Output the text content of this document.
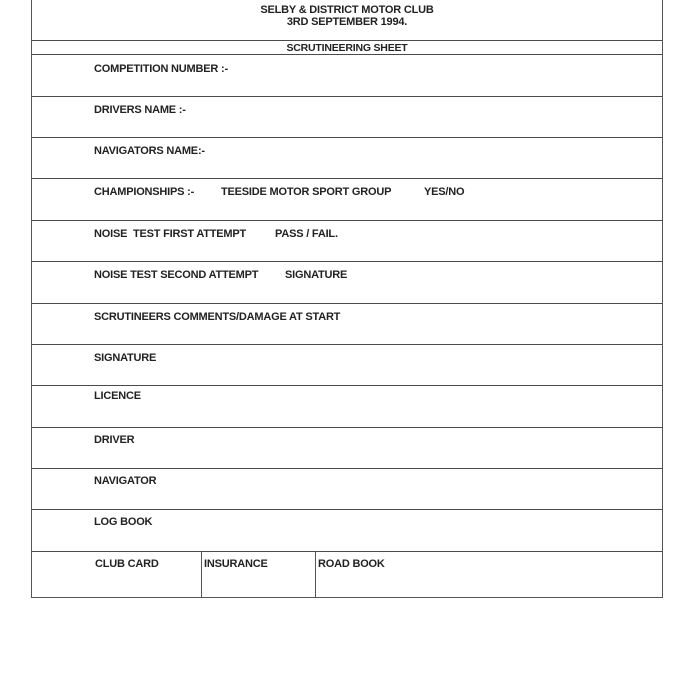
SELBY & DISTRICT MOTOR CLUB
3RD SEPTEMBER 1994.
SCRUTINEERING SHEET
COMPETITION NUMBER :-
DRIVERS NAME :-
NAVIGATORS NAME:-
CHAMPIONSHIPS :- TEESIDE MOTOR SPORT GROUP	YES/NO
NOISE  TEST FIRST ATTEMPT	PASS / FAIL.
NOISE TEST SECOND ATTEMPT SIGNATURE
SCRUTINEERS COMMENTS/DAMAGE AT START
SIGNATURE
LICENCE
DRIVER
NAVIGATOR
LOG BOOK
CLUB CARD	INSURANCE	ROAD BOOK
